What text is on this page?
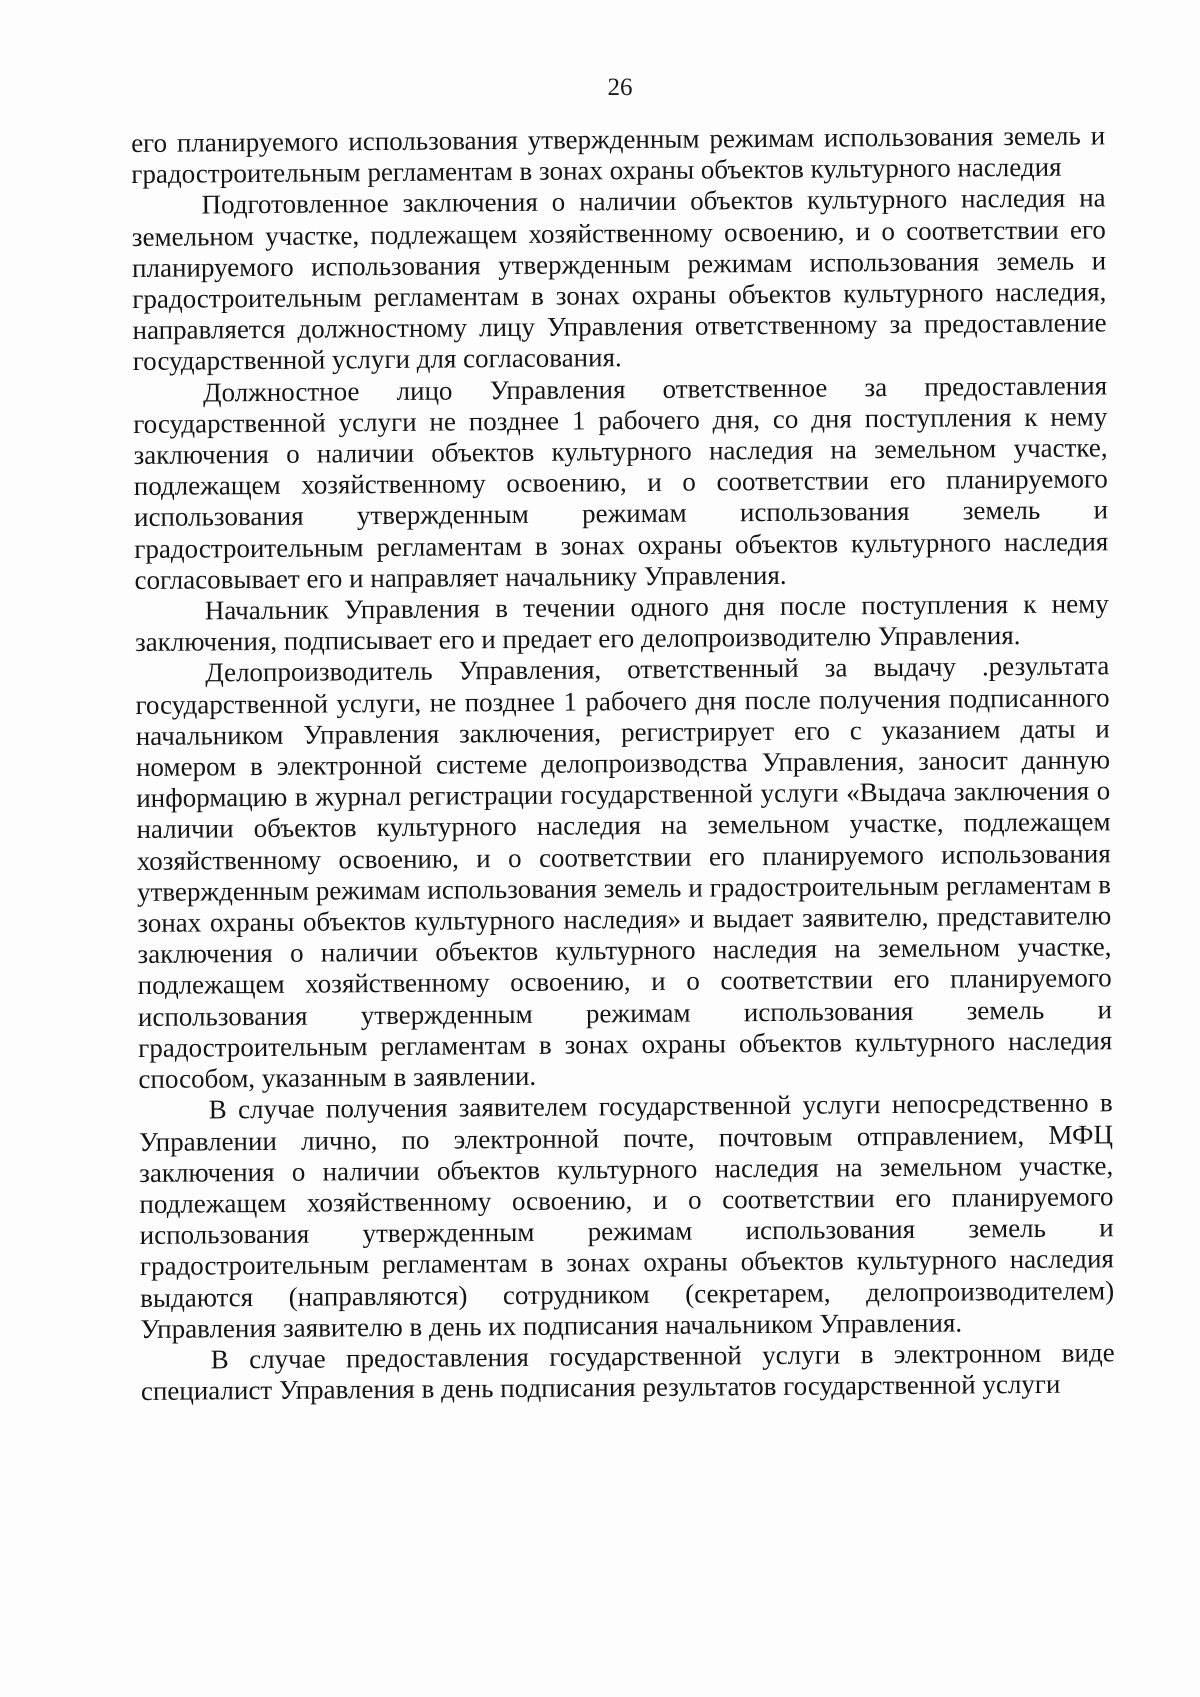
26

его планируемого использования утвержденным режимам использования земель и градостроительным регламентам в зонах охраны объектов культурного наследия

Подготовленное заключения о наличии объектов культурного наследия на земельном участке, подлежащем хозяйственному освоению, и о соответствии его планируемого использования утвержденным режимам использования земель и градостроительным регламентам в зонах охраны объектов культурного наследия, направляется должностному лицу Управления ответственному за предоставление государственной услуги для согласования.

Должностное лицо Управления ответственное за предоставления государственной услуги не позднее 1 рабочего дня, со дня поступления к нему заключения о наличии объектов культурного наследия на земельном участке, подлежащем хозяйственному освоению, и о соответствии его планируемого использования утвержденным режимам использования земель и градостроительным регламентам в зонах охраны объектов культурного наследия согласовывает его и направляет начальнику Управления.

Начальник Управления в течении одного дня после поступления к нему заключения, подписывает его и предает его делопроизводителю Управления.

Делопроизводитель Управления, ответственный за выдачу .результата государственной услуги, не позднее 1 рабочего дня после получения подписанного начальником Управления заключения, регистрирует его с указанием даты и номером в электронной системе делопроизводства Управления, заносит данную информацию в журнал регистрации государственной услуги «Выдача заключения о наличии объектов культурного наследия на земельном участке, подлежащем хозяйственному освоению, и о соответствии его планируемого использования утвержденным режимам использования земель и градостроительным регламентам в зонах охраны объектов культурного наследия» и выдает заявителю, представителю заключения о наличии объектов культурного наследия на земельном участке, подлежащем хозяйственному освоению, и о соответствии его планируемого использования утвержденным режимам использования земель и градостроительным регламентам в зонах охраны объектов культурного наследия способом, указанным в заявлении.

В случае получения заявителем государственной услуги непосредственно в Управлении лично, по электронной почте, почтовым отправлением, МФЦ заключения о наличии объектов культурного наследия на земельном участке, подлежащем хозяйственному освоению, и о соответствии его планируемого использования утвержденным режимам использования земель и градостроительным регламентам в зонах охраны объектов культурного наследия выдаются (направляются) сотрудником (секретарем, делопроизводителем) Управления заявителю в день их подписания начальником Управления.

В случае предоставления государственной услуги в электронном виде специалист Управления в день подписания результатов государственной услуги
